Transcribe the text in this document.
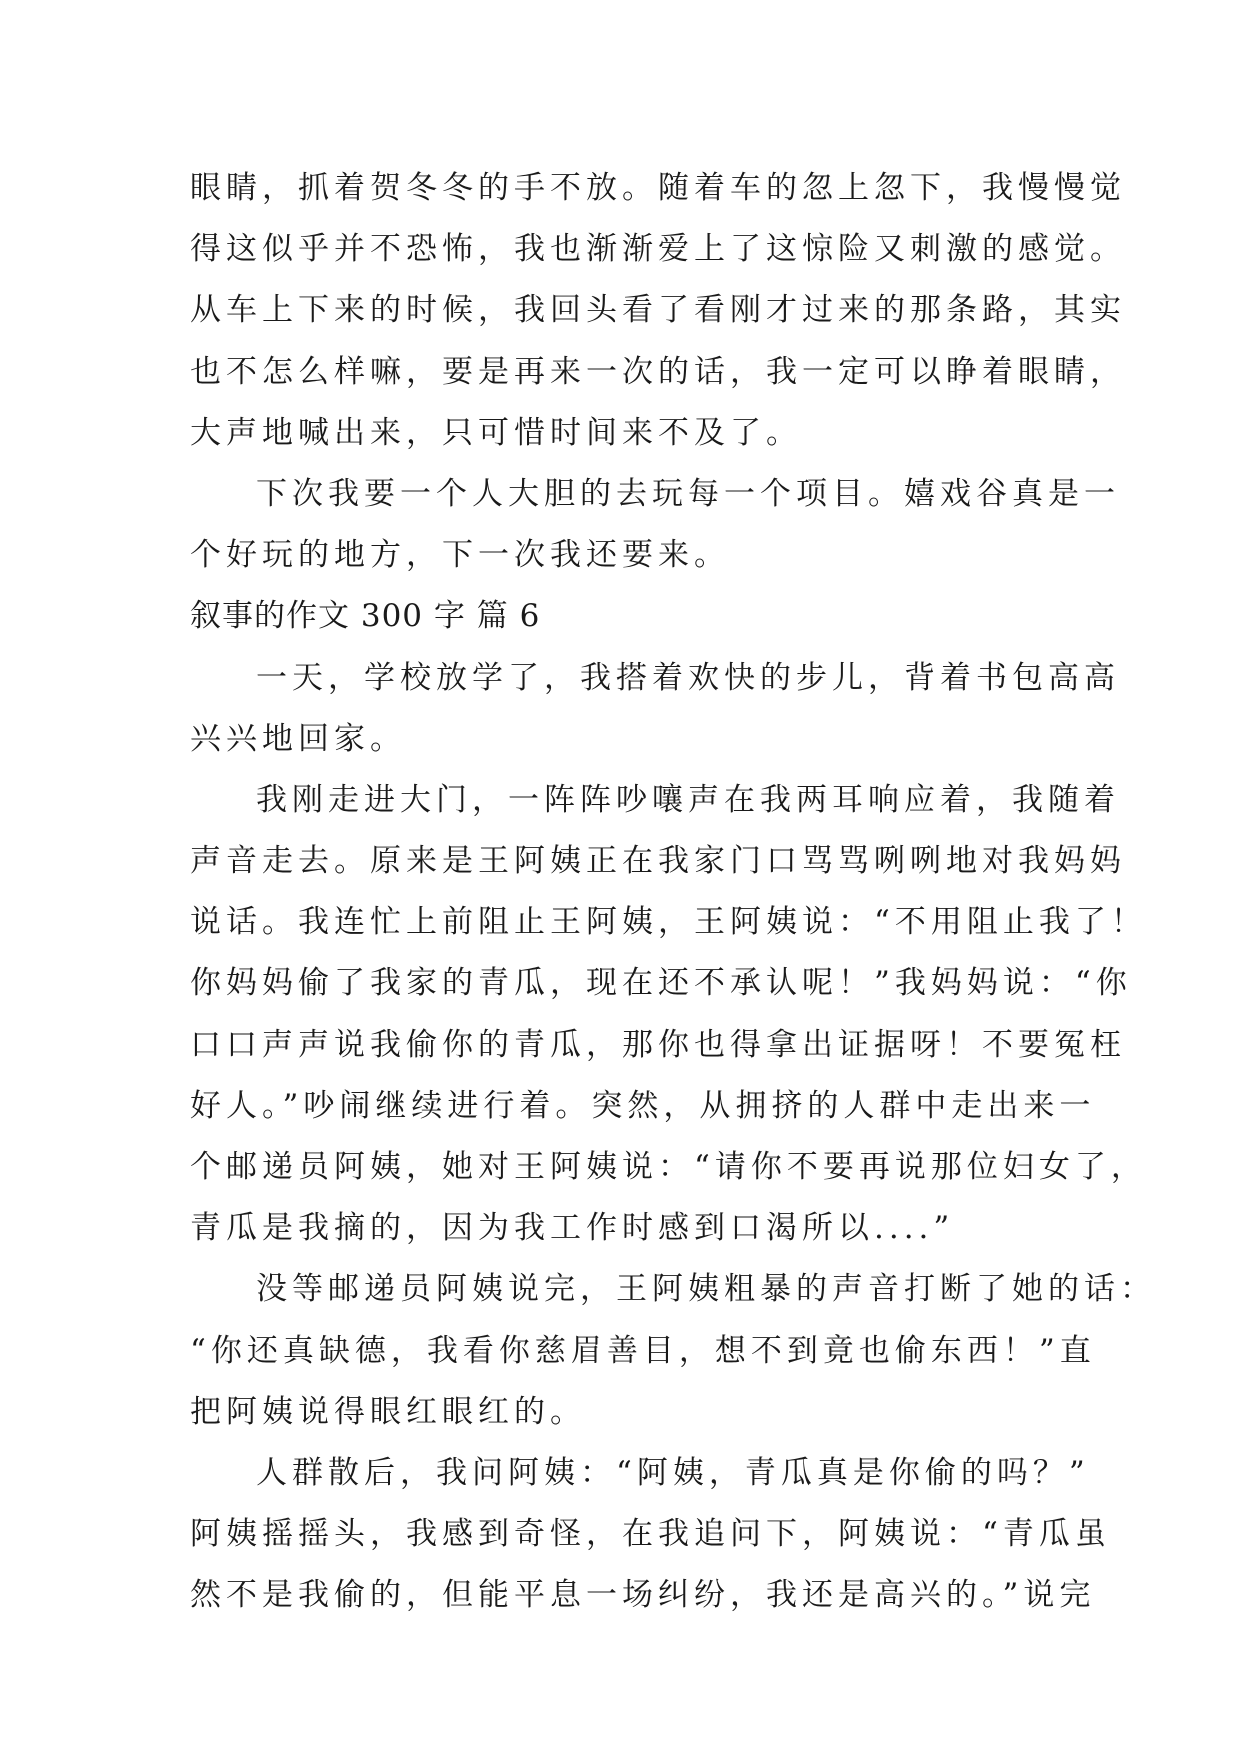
眼睛，抓着贺冬冬的手不放。随着车的忽上忽下，我慢慢觉
得这似乎并不恐怖，我也渐渐爱上了这惊险又刺激的感觉。
从车上下来的时候，我回头看了看刚才过来的那条路，其实
也不怎么样嘛，要是再来一次的话，我一定可以睁着眼睛，
大声地喊出来，只可惜时间来不及了。
下次我要一个人大胆的去玩每一个项目。嬉戏谷真是一
个好玩的地方，下一次我还要来。
叙事的作文 300 字 篇 6
一天，学校放学了，我搭着欢快的步儿，背着书包高高
兴兴地回家。
我刚走进大门，一阵阵吵嚷声在我两耳响应着，我随着
声音走去。原来是王阿姨正在我家门口骂骂咧咧地对我妈妈
说话。我连忙上前阻止王阿姨，王阿姨说：“不用阻止我了！
你妈妈偷了我家的青瓜，现在还不承认呢！”我妈妈说：“你
口口声声说我偷你的青瓜，那你也得拿出证据呀！不要冤枉
好人。”吵闹继续进行着。突然，从拥挤的人群中走出来一
个邮递员阿姨，她对王阿姨说：“请你不要再说那位妇女了，
青瓜是我摘的，因为我工作时感到口渴所以....”
没等邮递员阿姨说完，王阿姨粗暴的声音打断了她的话：
“你还真缺德，我看你慈眉善目，想不到竟也偷东西！”直
把阿姨说得眼红眼红的。
人群散后，我问阿姨：“阿姨，青瓜真是你偷的吗？”
阿姨摇摇头，我感到奇怪，在我追问下，阿姨说：“青瓜虽
然不是我偷的，但能平息一场纠纷，我还是高兴的。”说完
